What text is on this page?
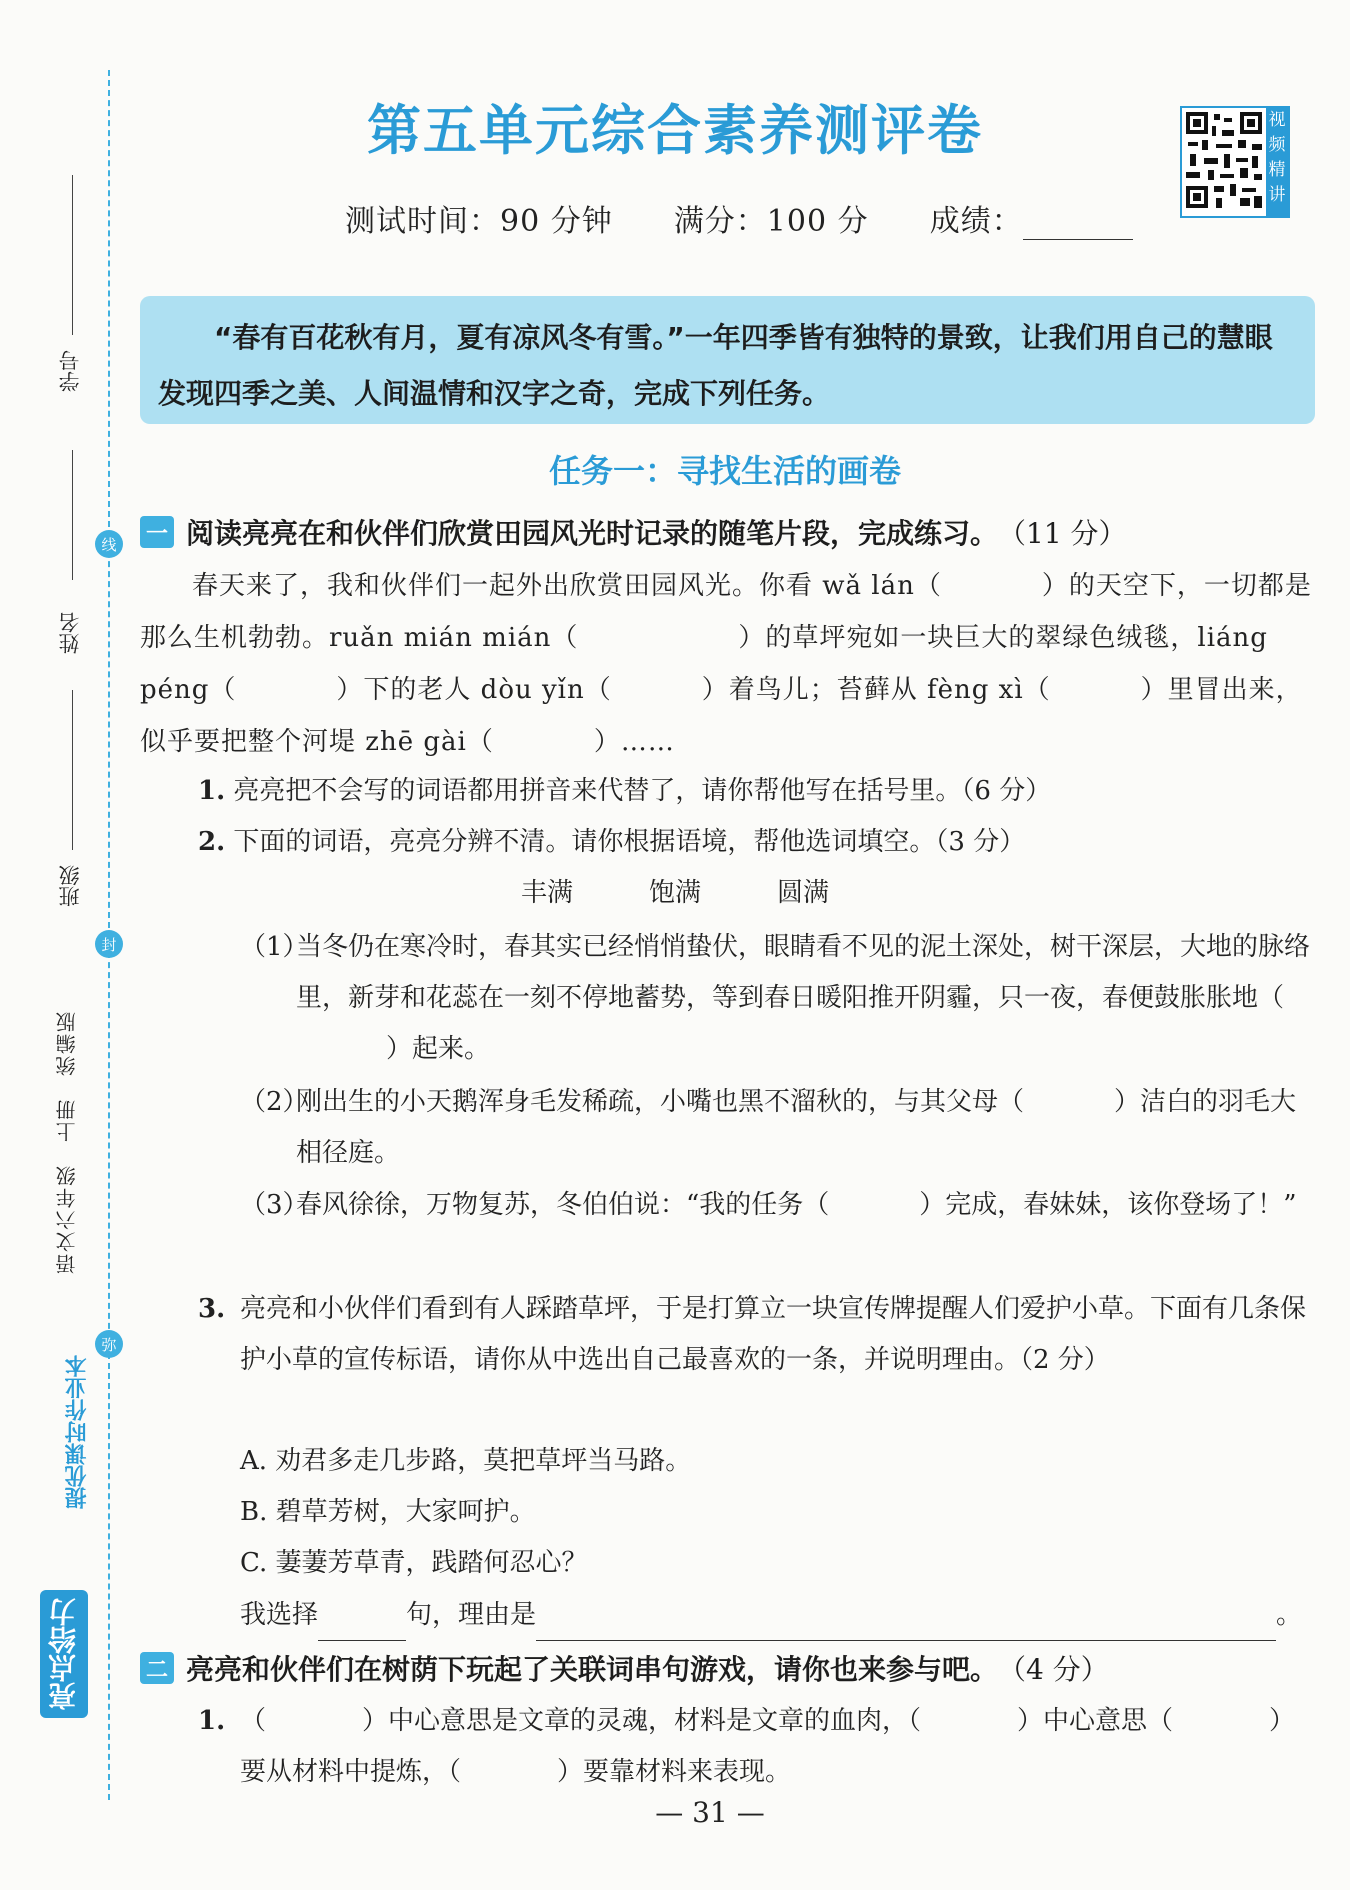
学号
姓名
班级
线
封
弥
语文六年级　上册　统编版
亮点给力
提优课时作业本
第五单元综合素养测评卷
测试时间：90 分钟 满分：100 分 成绩：
视频精讲
“春有百花秋有月，夏有凉风冬有雪。”一年四季皆有独特的景致，让我们用自己的慧眼发现四季之美、人间温情和汉字之奇，完成下列任务。
任务一：寻找生活的画卷
一 阅读亮亮在和伙伴们欣赏田园风光时记录的随笔片段，完成练习。 （11 分）

春天来了，我和伙伴们一起外出欣赏田园风光。你看 wǎ lán（	）的天空下，一切都是那么生机勃勃。ruǎn mián mián（	）的草坪宛如一块巨大的翠绿色绒毯，liáng péng（	）下的老人 dòu yǐn（	）着鸟儿；苔藓从 fèng xì（	）里冒出来，似乎要把整个河堤 zhē gài（	）……

1. 亮亮把不会写的词语都用拼音来代替了，请你帮他写在括号里。（6 分）
2. 下面的词语，亮亮分辨不清。请你根据语境，帮他选词填空。（3 分）
丰满	饱满	圆满
（1）
当冬仍在寒冷时，春其实已经悄悄蛰伏，眼睛看不见的泥土深处，树干深层，大地的脉络里，新芽和花蕊在一刻不停地蓄势，等到春日暖阳推开阴霾，只一夜，春便鼓胀胀地（）起来。
（2）
刚出生的小天鹅浑身毛发稀疏，小嘴也黑不溜秋的，与其父母（	）洁白的羽毛大相径庭。
（3）
春风徐徐，万物复苏，冬伯伯说：“我的任务（	）完成，春妹妹，该你登场了！”
3. 亮亮和小伙伴们看到有人踩踏草坪，于是打算立一块宣传牌提醒人们爱护小草。下面有几条保护小草的宣传标语，请你从中选出自己最喜欢的一条，并说明理由。（2 分）
A. 劝君多走几步路，莫把草坪当马路。
B. 碧草芳树，大家呵护。
C. 萋萋芳草青，践踏何忍心？
我选择	句，理由是	。
二 亮亮和伙伴们在树荫下玩起了关联词串句游戏，请你也来参与吧。 （4 分）
1. （	）中心意思是文章的灵魂，材料是文章的血肉，（	）中心意思（	）
要从材料中提炼，（	）要靠材料来表现。
— 31 —
